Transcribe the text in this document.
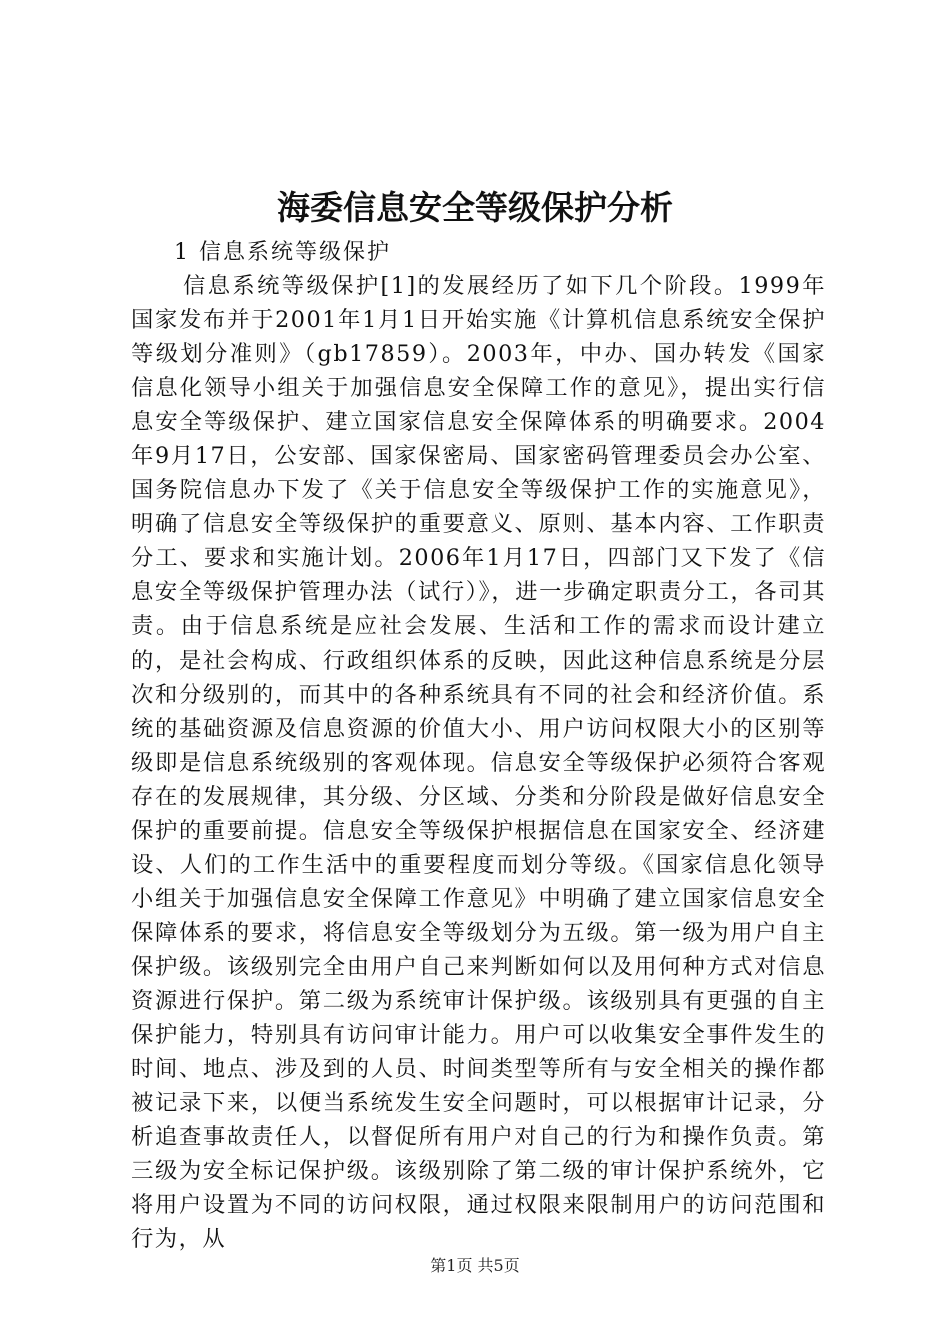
海委信息安全等级保护分析

1 信息系统等级保护

信息系统等级保护[1]的发展经历了如下几个阶段。1999年国家发布并于2001年1月1日开始实施《计算机信息系统安全保护等级划分准则》（gb17859）。2003年，中办、国办转发《国家信息化领导小组关于加强信息安全保障工作的意见》，提出实行信息安全等级保护、建立国家信息安全保障体系的明确要求。2004年9月17日，公安部、国家保密局、国家密码管理委员会办公室、国务院信息办下发了《关于信息安全等级保护工作的实施意见》，明确了信息安全等级保护的重要意义、原则、基本内容、工作职责分工、要求和实施计划。2006年1月17日，四部门又下发了《信息安全等级保护管理办法（试行）》，进一步确定职责分工，各司其责。由于信息系统是应社会发展、生活和工作的需求而设计建立的，是社会构成、行政组织体系的反映，因此这种信息系统是分层次和分级别的，而其中的各种系统具有不同的社会和经济价值。系统的基础资源及信息资源的价值大小、用户访问权限大小的区别等级即是信息系统级别的客观体现。信息安全等级保护必须符合客观存在的发展规律，其分级、分区域、分类和分阶段是做好信息安全保护的重要前提。信息安全等级保护根据信息在国家安全、经济建设、人们的工作生活中的重要程度而划分等级。《国家信息化领导小组关于加强信息安全保障工作意见》中明确了建立国家信息安全保障体系的要求，将信息安全等级划分为五级。第一级为用户自主保护级。该级别完全由用户自己来判断如何以及用何种方式对信息资源进行保护。第二级为系统审计保护级。该级别具有更强的自主保护能力，特别具有访问审计能力。用户可以收集安全事件发生的时间、地点、涉及到的人员、时间类型等所有与安全相关的操作都被记录下来，以便当系统发生安全问题时，可以根据审计记录，分析追查事故责任人，以督促所有用户对自己的行为和操作负责。第三级为安全标记保护级。该级别除了第二级的审计保护系统外，它将用户设置为不同的访问权限，通过权限来限制用户的访问范围和行为，从

第1页 共5页
